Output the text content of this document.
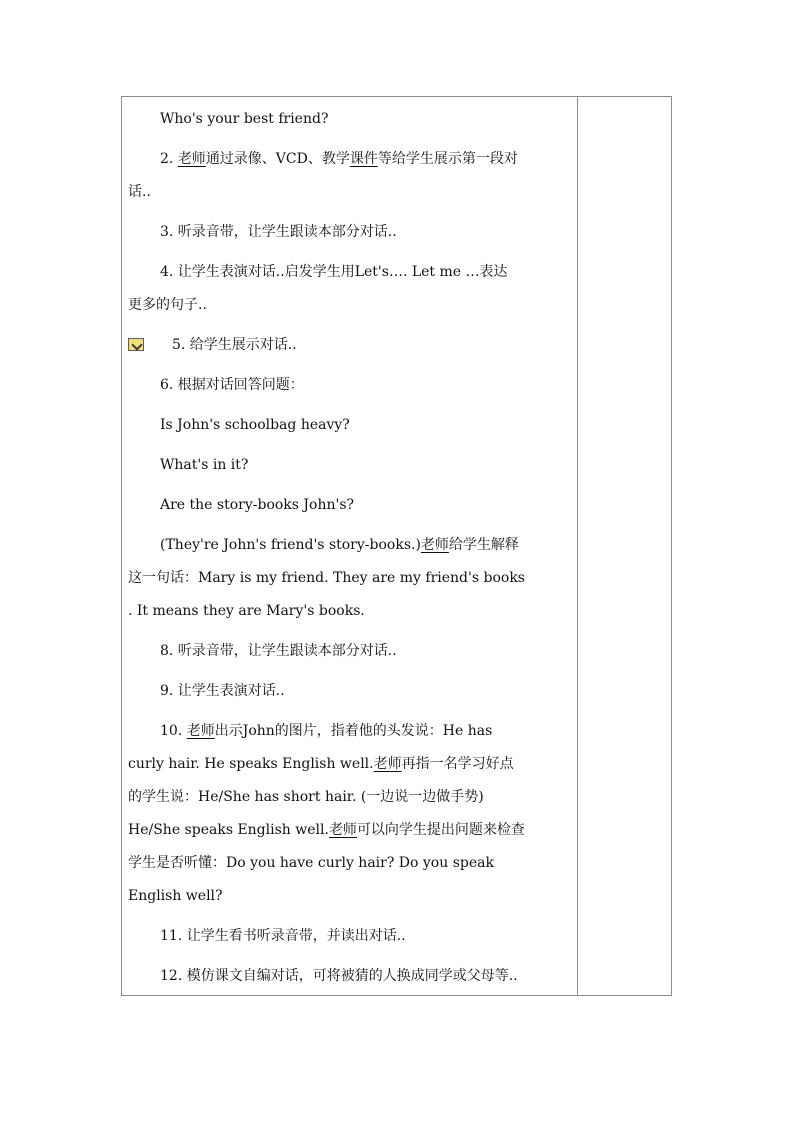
Who's your best friend?
2. 老师通过录像、VCD、教学课件等给学生展示第一段对
话..
3. 听录音带，让学生跟读本部分对话..
4. 让学生表演对话..启发学生用Let's…. Let me …表达
更多的句子..
5. 给学生展示对话..
6. 根据对话回答问题：
Is John's schoolbag heavy?
What's in it?
Are the story-books John's?
(They're John's friend's story-books.)老师给学生解释
这一句话：Mary is my friend. They are my friend's books
. It means they are Mary's books.
8. 听录音带，让学生跟读本部分对话..
9. 让学生表演对话..
10. 老师出示John的图片，指着他的头发说：He has
curly hair. He speaks English well.老师再指一名学习好点
的学生说：He/She has short hair. (一边说一边做手势)
He/She speaks English well.老师可以向学生提出问题来检查
学生是否听懂：Do you have curly hair? Do you speak
English well?
11. 让学生看书听录音带，并读出对话..
12. 模仿课文自编对话，可将被猜的人换成同学或父母等..
